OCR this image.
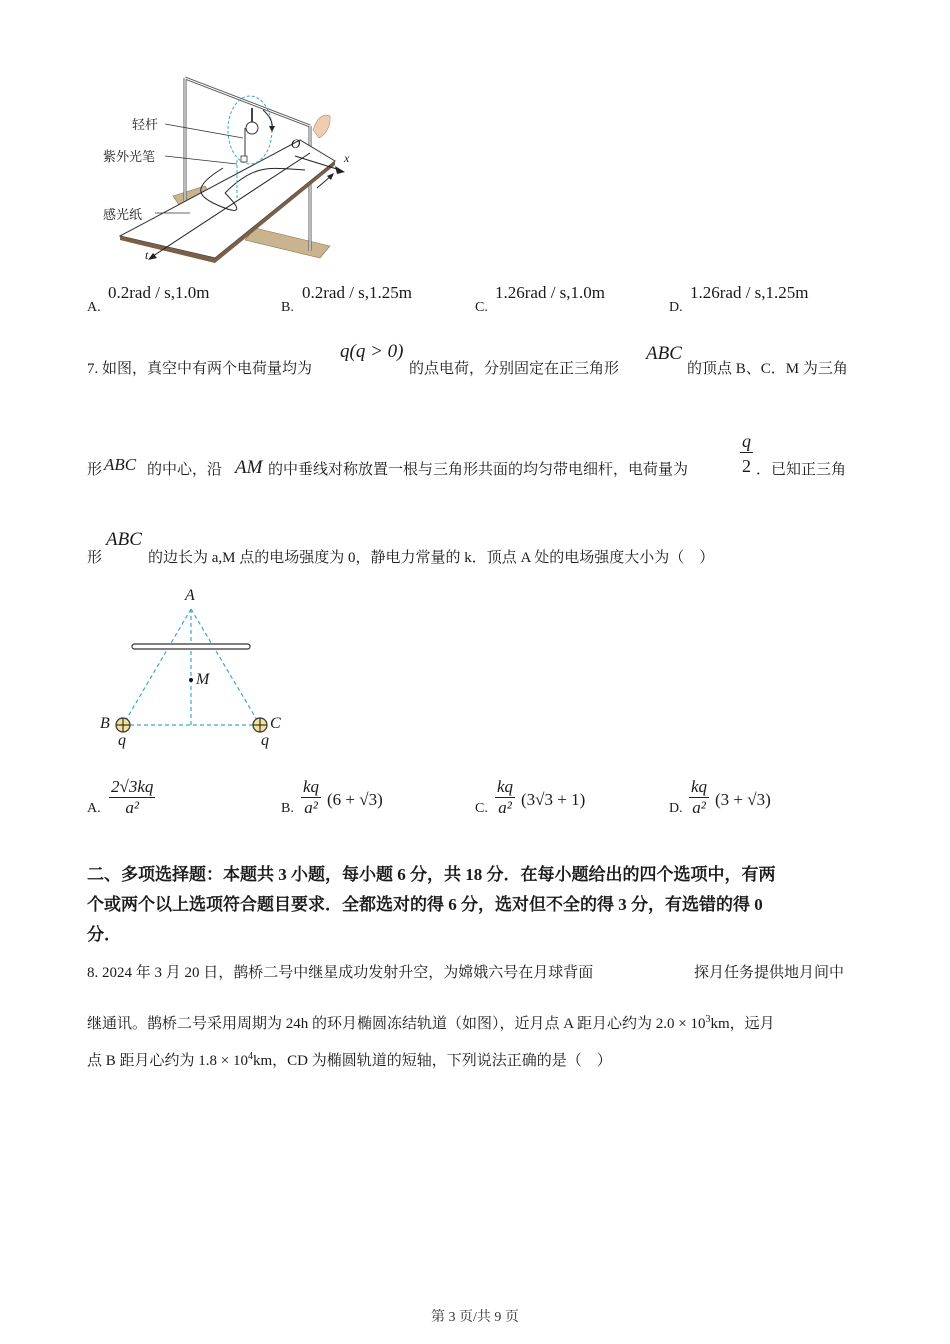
轻杆
紫外光笔
感光纸
O
x
t
A.
0.2rad / s,1.0m
B.
0.2rad / s,1.25m
C.
1.26rad / s,1.0m
D.
1.26rad / s,1.25m
7. 如图，真空中有两个电荷量均为
q(q > 0)
的点电荷，分别固定在正三角形
ABC
的顶点 B、C．M 为三角
形 ABC 的中心，沿 AM 的中垂线对称放置一根与三角形共面的均匀带电细杆，电荷量为
q
2 ．已知正三角
形
ABC
的边长为 a,M 点的电场强度为 0，静电力常量的 k．顶点 A 处的电场强度大小为（　）
A
B	C
M
q	q
A. $\frac{2√3kq}{\text{a²}}$	B. $\frac{kq}{\text{a²}} (6 + √3)$	C. $\frac{kq}{\text{a²}} (3√3 + 1)$	D. $\frac{kq}{\text{a²}} (3 + √3)$
二、多项选择题：本题共 3 小题，每小题 6 分，共 18 分．在每小题给出的四个选项中，有两
个或两个以上选项符合题目要求．全都选对的得 6 分，选对但不全的得 3 分，有选错的得 0
分．
8. 2024 年 3 月 20 日，鹊桥二号中继星成功发射升空，为嫦娥六号在月球背面	探月任务提供地月间中
继通讯。鹊桥二号采用周期为 24h 的环月椭圆冻结轨道（如图），近月点 A 距月心约为 $2.0 \times 10^3km$，远月
点 B 距月心约为 $1.8 \times 10^4km$，CD 为椭圆轨道的短轴，下列说法正确的是（　）
第 3 页/共 9 页
